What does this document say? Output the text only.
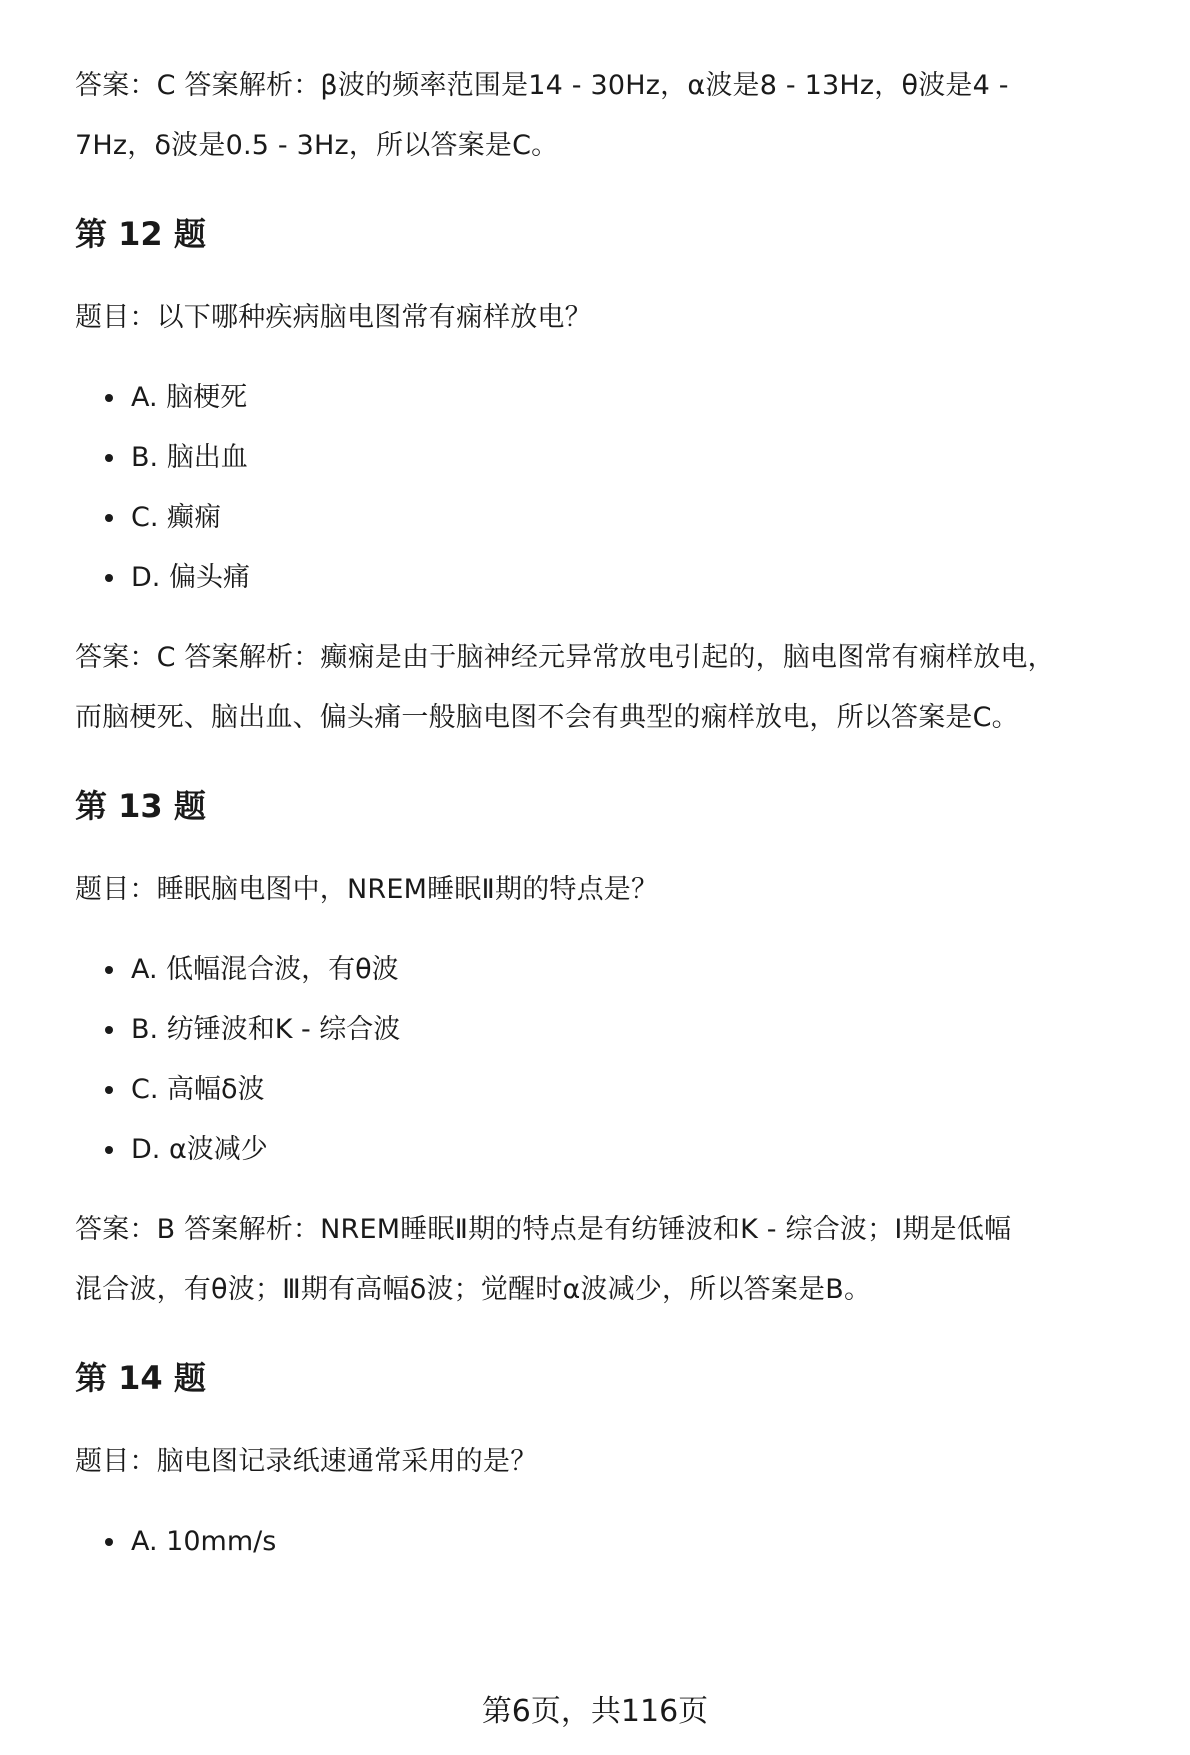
答案：C 答案解析：β波的频率范围是14 - 30Hz，α波是8 - 13Hz，θ波是4 -

7Hz，δ波是0.5 - 3Hz，所以答案是C。

第 12 题

题目：以下哪种疾病脑电图常有痫样放电？

A. 脑梗死
B. 脑出血
C. 癫痫
D. 偏头痛

答案：C 答案解析：癫痫是由于脑神经元异常放电引起的，脑电图常有痫样放电，

而脑梗死、脑出血、偏头痛一般脑电图不会有典型的痫样放电，所以答案是C。

第 13 题

题目：睡眠脑电图中，NREM睡眠Ⅱ期的特点是？

A. 低幅混合波，有θ波
B. 纺锤波和K - 综合波
C. 高幅δ波
D. α波减少

答案：B 答案解析：NREM睡眠Ⅱ期的特点是有纺锤波和K - 综合波；Ⅰ期是低幅

混合波，有θ波；Ⅲ期有高幅δ波；觉醒时α波减少，所以答案是B。

第 14 题

题目：脑电图记录纸速通常采用的是？

A. 10mm/s
第6页，共116页
